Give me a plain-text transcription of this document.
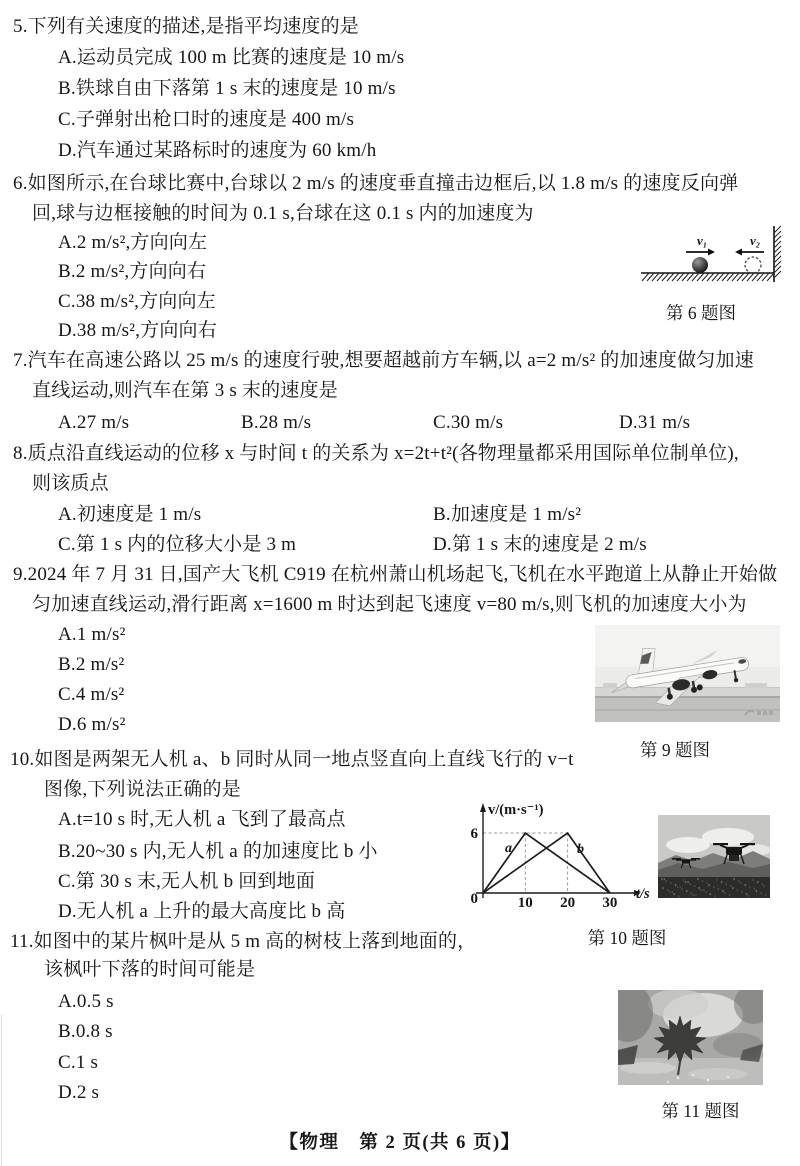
5.下列有关速度的描述,是指平均速度的是
A.运动员完成 100 m 比赛的速度是 10 m/s
B.铁球自由下落第 1 s 末的速度是 10 m/s
C.子弹射出枪口时的速度是 400 m/s
D.汽车通过某路标时的速度为 60 km/h
6.如图所示,在台球比赛中,台球以 2 m/s 的速度垂直撞击边框后,以 1.8 m/s 的速度反向弹
回,球与边框接触的时间为 0.1 s,台球在这 0.1 s 内的加速度为
A.2 m/s²,方向向左
B.2 m/s²,方向向右
C.38 m/s²,方向向左
D.38 m/s²,方向向右
v₁	v₂
第 6 题图
7.汽车在高速公路以 25 m/s 的速度行驶,想要超越前方车辆,以 a=2 m/s² 的加速度做匀加速
直线运动,则汽车在第 3 s 末的速度是
A.27 m/s	B.28 m/s	C.30 m/s	D.31 m/s
8.质点沿直线运动的位移 x 与时间 t 的关系为 x=2t+t²(各物理量都采用国际单位制单位),
则该质点
A.初速度是 1 m/s	B.加速度是 1 m/s²
C.第 1 s 内的位移大小是 3 m	D.第 1 s 末的速度是 2 m/s
9.2024 年 7 月 31 日,国产大飞机 C919 在杭州萧山机场起飞,飞机在水平跑道上从静止开始做
匀加速直线运动,滑行距离 x=1600 m 时达到起飞速度 v=80 m/s,则飞机的加速度大小为
A.1 m/s²
B.2 m/s²
C.4 m/s²
D.6 m/s²
第 9 题图
10.如图是两架无人机 a、b 同时从同一地点竖直向上直线飞行的 v−t
图像,下列说法正确的是
A.t=10 s 时,无人机 a 飞到了最高点
B.20~30 s 内,无人机 a 的加速度比 b 小
C.第 30 s 末,无人机 b 回到地面
D.无人机 a 上升的最大高度比 b 高
v/(m·s⁻¹)
t/s
6
0	10 20 30
a	b
第 10 题图
11.如图中的某片枫叶是从 5 m 高的树枝上落到地面的，
该枫叶下落的时间可能是
A.0.5 s
B.0.8 s
C.1 s
D.2 s
第 11 题图
【物理　第 2 页(共 6 页)】
